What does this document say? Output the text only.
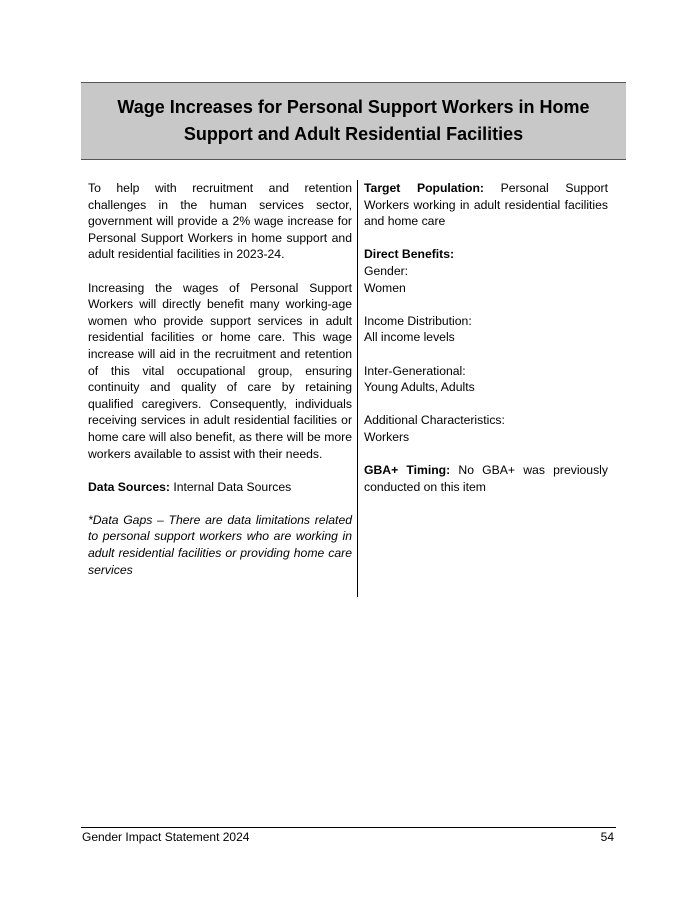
Wage Increases for Personal Support Workers in Home Support and Adult Residential Facilities

To help with recruitment and retention challenges in the human services sector, government will provide a 2% wage increase for Personal Support Workers in home support and adult residential facilities in 2023-24.

Increasing the wages of Personal Support Workers will directly benefit many working-age women who provide support services in adult residential facilities or home care. This wage increase will aid in the recruitment and retention of this vital occupational group, ensuring continuity and quality of care by retaining qualified caregivers. Consequently, individuals receiving services in adult residential facilities or home care will also benefit, as there will be more workers available to assist with their needs.

Data Sources: Internal Data Sources

*Data Gaps – There are data limitations related to personal support workers who are working in adult residential facilities or providing home care services

Target Population: Personal Support Workers working in adult residential facilities and home care

Direct Benefits:

Gender:

Women

Income Distribution:

All income levels

Inter-Generational:

Young Adults, Adults

Additional Characteristics:

Workers

GBA+ Timing: No GBA+ was previously conducted on this item

Gender Impact Statement 2024	54
